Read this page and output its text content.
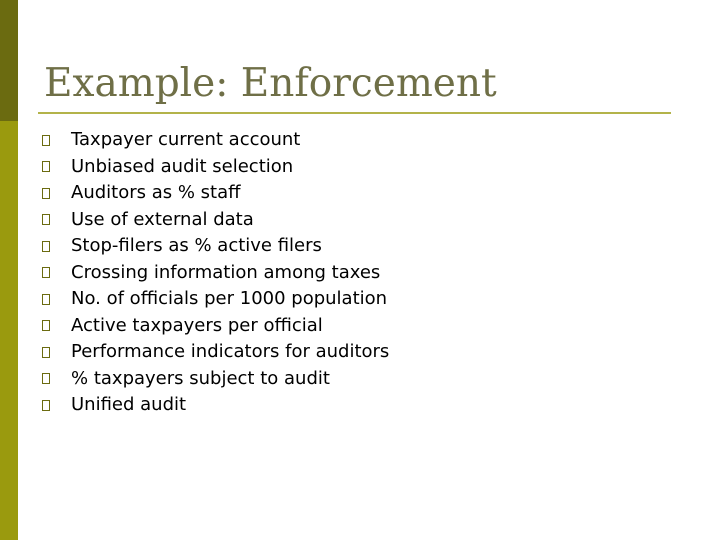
Example: Enforcement
Taxpayer current account
Unbiased audit selection
Auditors as % staff
Use of external data
Stop-filers as % active filers
Crossing information among taxes
No. of officials per 1000 population
Active taxpayers per official
Performance indicators for auditors
% taxpayers subject to audit
Unified audit
